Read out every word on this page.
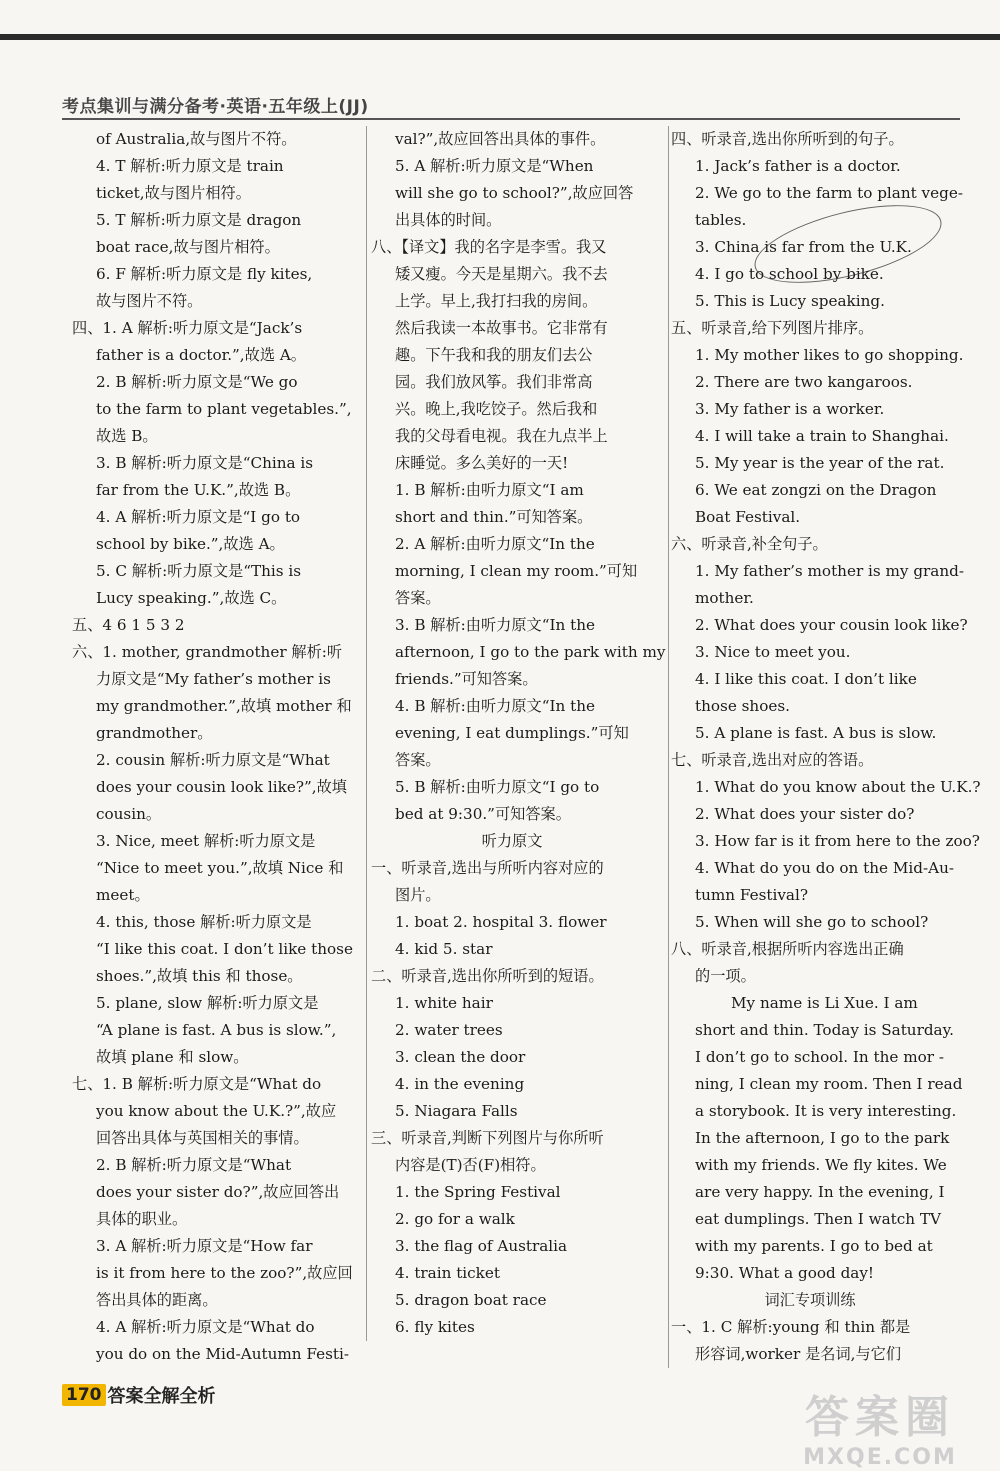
考点集训与满分备考·英语·五年级上(JJ)
of Australia,故与图片不符。
4. T 解析:听力原文是 train
ticket,故与图片相符。
5. T 解析:听力原文是 dragon
boat race,故与图片相符。
6. F 解析:听力原文是 fly kites,
故与图片不符。
四、1. A 解析:听力原文是“Jack’s
father is a doctor.”,故选 A。
2. B 解析:听力原文是“We go
to the farm to plant vegetables.”,
故选 B。
3. B 解析:听力原文是“China is
far from the U.K.”,故选 B。
4. A 解析:听力原文是“I go to
school by bike.”,故选 A。
5. C 解析:听力原文是“This is
Lucy speaking.”,故选 C。
五、4 6 1 5 3 2
六、1. mother, grandmother 解析:听
力原文是“My father’s mother is
my grandmother.”,故填 mother 和
grandmother。
2. cousin 解析:听力原文是“What
does your cousin look like?”,故填
cousin。
3. Nice, meet 解析:听力原文是
“Nice to meet you.”,故填 Nice 和
meet。
4. this, those 解析:听力原文是
“I like this coat. I don’t like those
shoes.”,故填 this 和 those。
5. plane, slow 解析:听力原文是
“A plane is fast. A bus is slow.”,
故填 plane 和 slow。
七、1. B 解析:听力原文是“What do
you know about the U.K.?”,故应
回答出具体与英国相关的事情。
2. B 解析:听力原文是“What
does your sister do?”,故应回答出
具体的职业。
3. A 解析:听力原文是“How far
is it from here to the zoo?”,故应回
答出具体的距离。
4. A 解析:听力原文是“What do
you do on the Mid-Autumn Festi-
val?”,故应回答出具体的事件。
5. A 解析:听力原文是“When
will she go to school?”,故应回答
出具体的时间。
八、【译文】我的名字是李雪。我又
矮又瘦。今天是星期六。我不去
上学。早上,我打扫我的房间。
然后我读一本故事书。它非常有
趣。下午我和我的朋友们去公
园。我们放风筝。我们非常高
兴。晚上,我吃饺子。然后我和
我的父母看电视。我在九点半上
床睡觉。多么美好的一天!
1. B 解析:由听力原文“I am
short and thin.”可知答案。
2. A 解析:由听力原文“In the
morning, I clean my room.”可知
答案。
3. B 解析:由听力原文“In the
afternoon, I go to the park with my
friends.”可知答案。
4. B 解析:由听力原文“In the
evening, I eat dumplings.”可知
答案。
5. B 解析:由听力原文“I go to
bed at 9:30.”可知答案。
听力原文
一、听录音,选出与所听内容对应的
图片。
1. boat 2. hospital 3. flower
4. kid 5. star
二、听录音,选出你所听到的短语。
1. white hair
2. water trees
3. clean the door
4. in the evening
5. Niagara Falls
三、听录音,判断下列图片与你所听
内容是(T)否(F)相符。
1. the Spring Festival
2. go for a walk
3. the flag of Australia
4. train ticket
5. dragon boat race
6. fly kites
四、听录音,选出你所听到的句子。
1. Jack’s father is a doctor.
2. We go to the farm to plant vege-
tables.
3. China is far from the U.K.
4. I go to school by bike.
5. This is Lucy speaking.
五、听录音,给下列图片排序。
1. My mother likes to go shopping.
2. There are two kangaroos.
3. My father is a worker.
4. I will take a train to Shanghai.
5. My year is the year of the rat.
6. We eat zongzi on the Dragon
Boat Festival.
六、听录音,补全句子。
1. My father’s mother is my grand-
mother.
2. What does your cousin look like?
3. Nice to meet you.
4. I like this coat. I don’t like
those shoes.
5. A plane is fast. A bus is slow.
七、听录音,选出对应的答语。
1. What do you know about the U.K.?
2. What does your sister do?
3. How far is it from here to the zoo?
4. What do you do on the Mid-Au-
tumn Festival?
5. When will she go to school?
八、听录音,根据所听内容选出正确
的一项。
My name is Li Xue. I am
short and thin. Today is Saturday.
I don’t go to school. In the mor -
ning, I clean my room. Then I read
a storybook. It is very interesting.
In the afternoon, I go to the park
with my friends. We fly kites. We
are very happy. In the evening, I
eat dumplings. Then I watch TV
with my parents. I go to bed at
9:30. What a good day!
词汇专项训练
一、1. C 解析:young 和 thin 都是
形容词,worker 是名词,与它们
170 答案全解全析	答案圈
MXQE.COM
